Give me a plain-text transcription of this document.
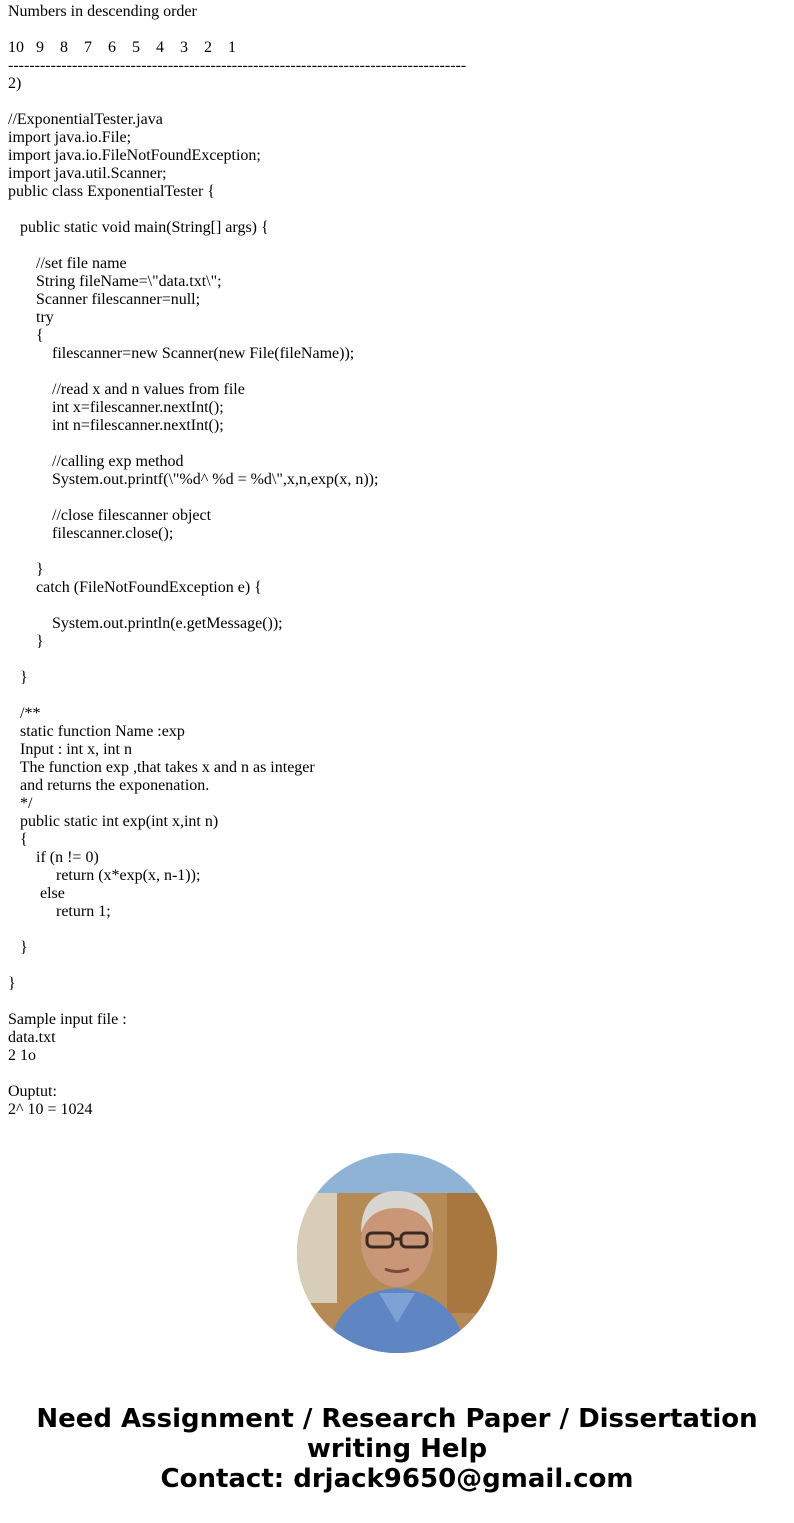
Numbers in descending order
10   9    8    7    6    5    4    3    2    1
--------------------------------------------------------------------------------------
2)
//ExponentialTester.java
import java.io.File;
import java.io.FileNotFoundException;
import java.util.Scanner;
public class ExponentialTester {
public static void main(String[] args) {
//set file name
String fileName=\"data.txt\";
Scanner filescanner=null;
try
{
filescanner=new Scanner(new File(fileName));
//read x and n values from file
int x=filescanner.nextInt();
int n=filescanner.nextInt();
//calling exp method
System.out.printf(\"%d^ %d = %d\",x,n,exp(x, n));
//close filescanner object
filescanner.close();
}
catch (FileNotFoundException e) {
System.out.println(e.getMessage());
}
}
/**
static function Name :exp
Input : int x, int n
The function exp ,that takes x and n as integer
and returns the exponenation.
*/
public static int exp(int x,int n)
{
if (n != 0)
return (x*exp(x, n-1));
else
return 1;
}
}
Sample input file :
data.txt
2 1o
Ouptut:
2^ 10 = 1024
Need Assignment / Research Paper / Dissertation
writing Help
Contact: drjack9650@gmail.com
